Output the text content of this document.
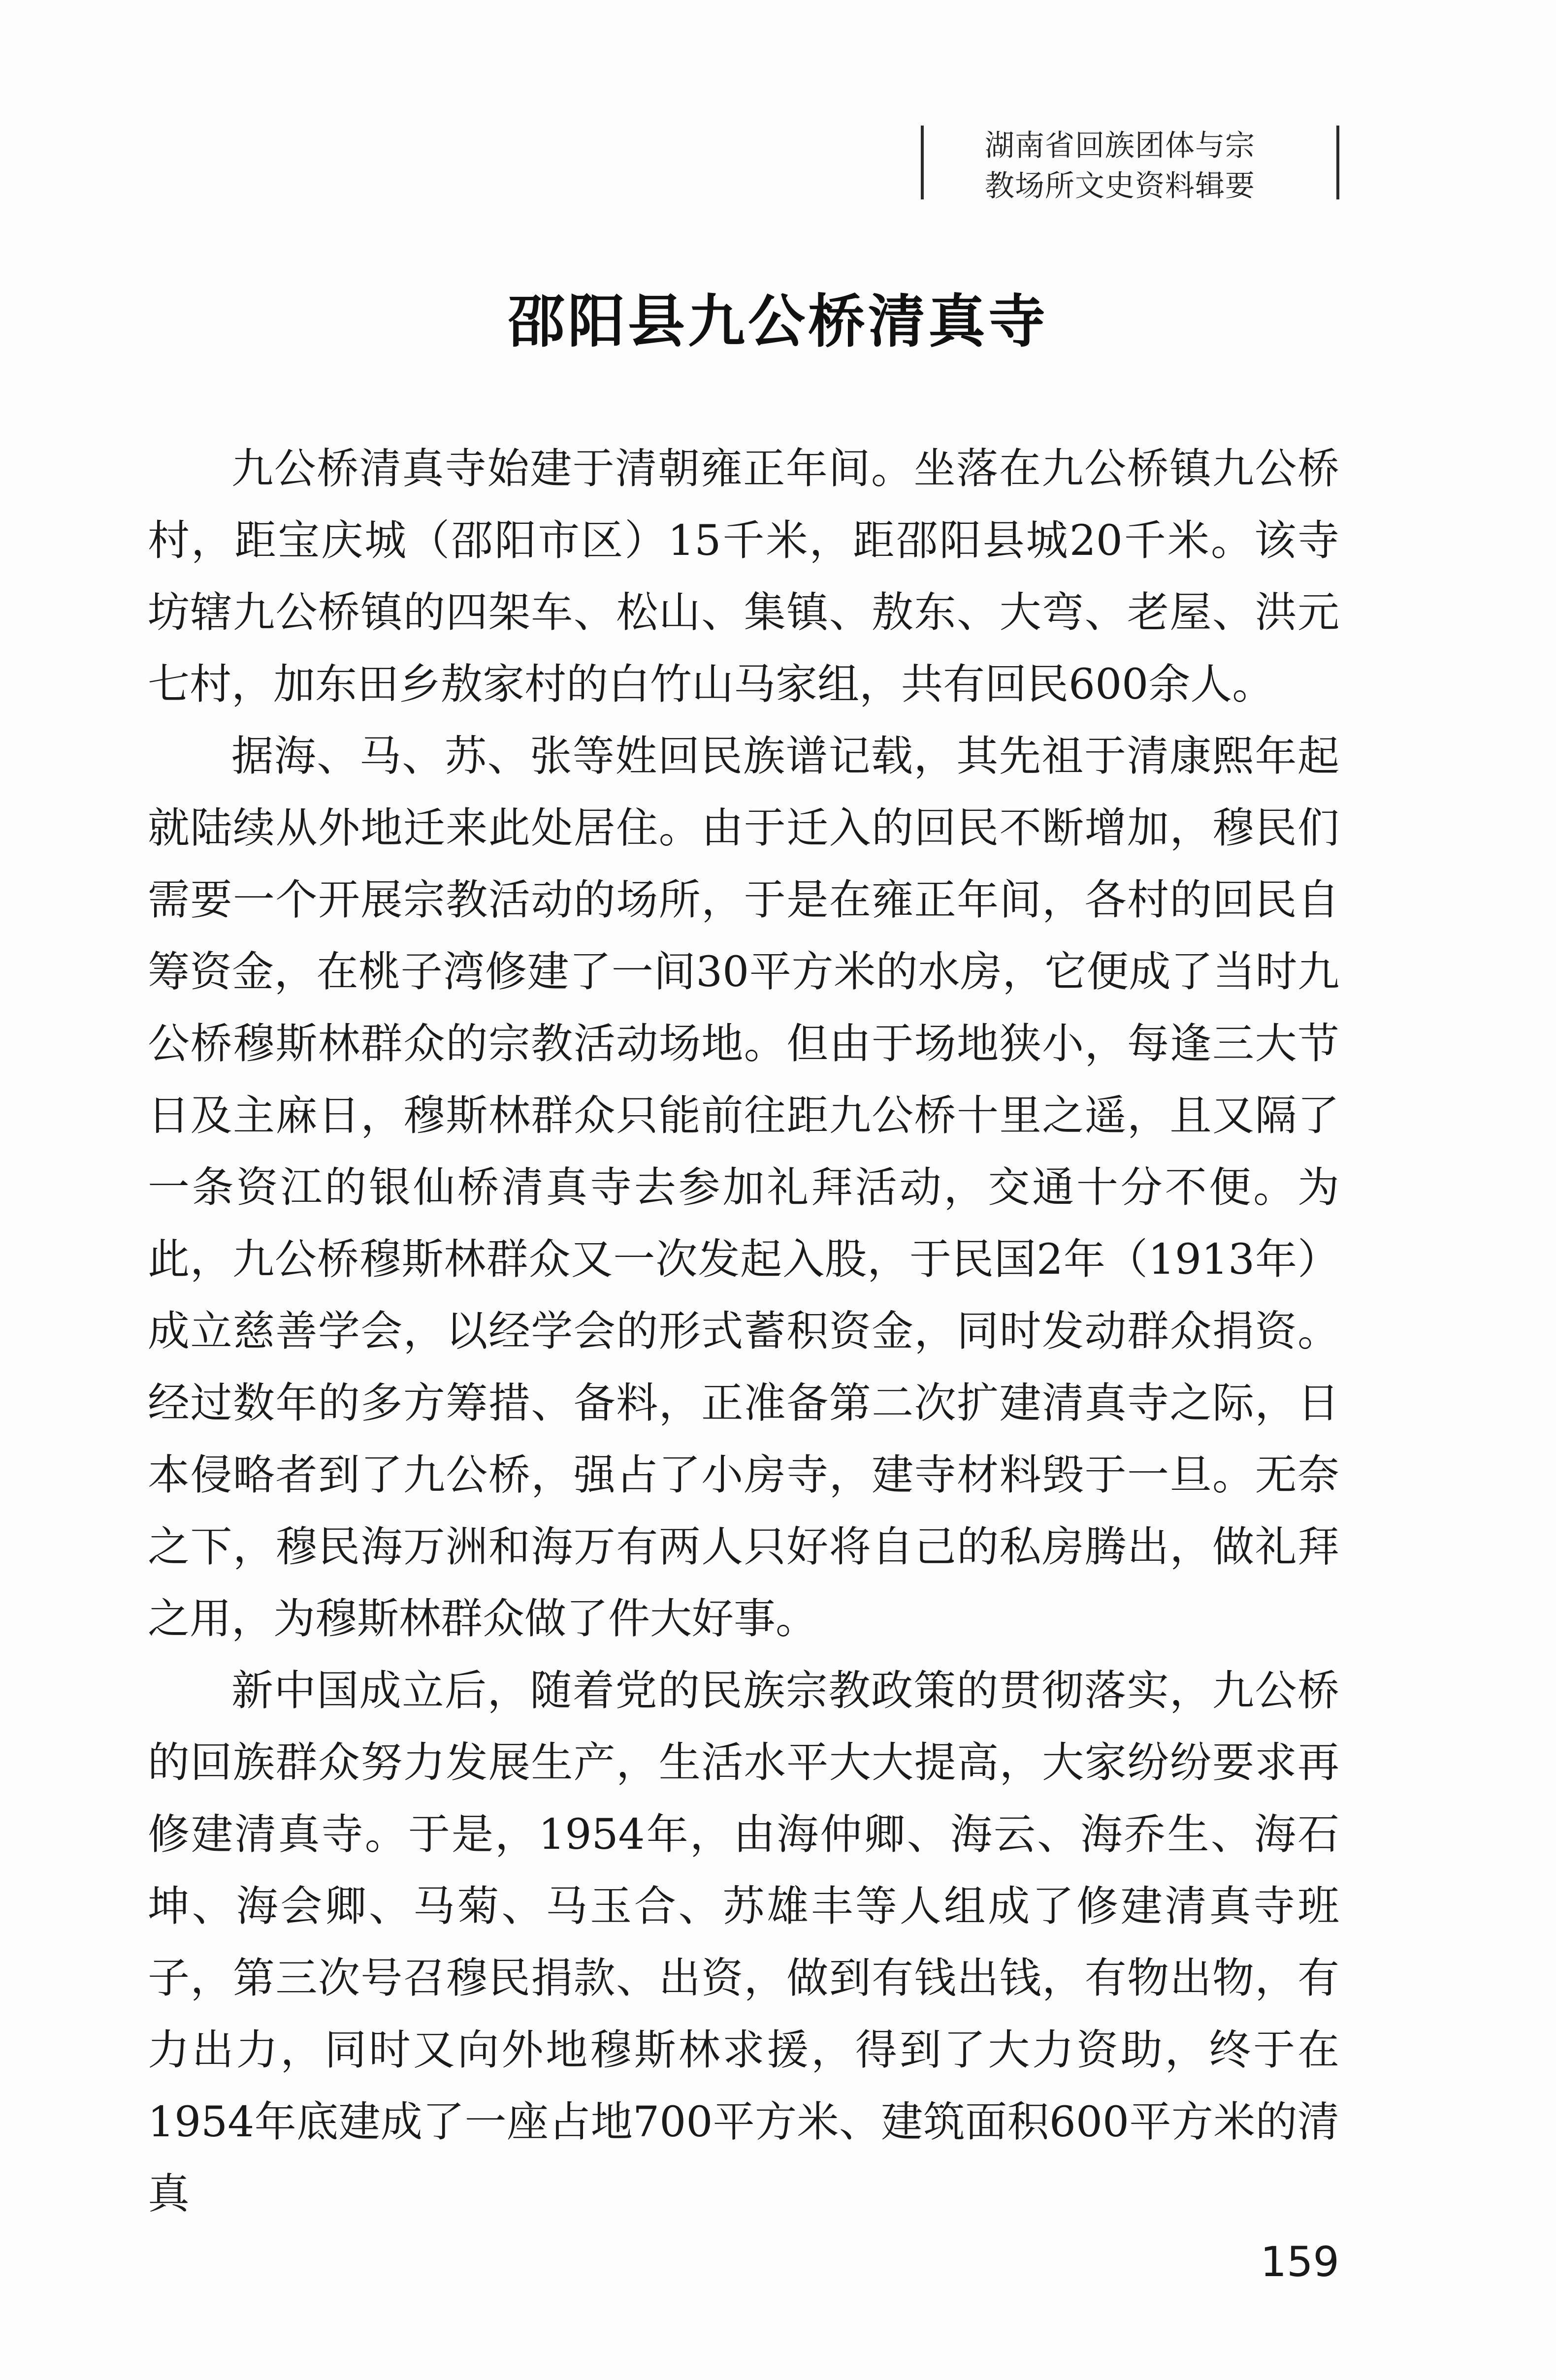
湖南省回族团体与宗
教场所文史资料辑要
邵阳县九公桥清真寺

九公桥清真寺始建于清朝雍正年间。坐落在九公桥镇九公桥村，距宝庆城（邵阳市区）15千米，距邵阳县城20千米。该寺坊辖九公桥镇的四架车、松山、集镇、敖东、大弯、老屋、洪元七村，加东田乡敖家村的白竹山马家组，共有回民600余人。

据海、马、苏、张等姓回民族谱记载，其先祖于清康熙年起就陆续从外地迁来此处居住。由于迁入的回民不断增加，穆民们需要一个开展宗教活动的场所，于是在雍正年间，各村的回民自筹资金，在桃子湾修建了一间30平方米的水房，它便成了当时九公桥穆斯林群众的宗教活动场地。但由于场地狭小，每逢三大节日及主麻日，穆斯林群众只能前往距九公桥十里之遥，且又隔了一条资江的银仙桥清真寺去参加礼拜活动，交通十分不便。为此，九公桥穆斯林群众又一次发起入股，于民国2年（1913年）成立慈善学会，以经学会的形式蓄积资金，同时发动群众捐资。经过数年的多方筹措、备料，正准备第二次扩建清真寺之际，日本侵略者到了九公桥，强占了小房寺，建寺材料毁于一旦。无奈之下，穆民海万洲和海万有两人只好将自己的私房腾出，做礼拜之用，为穆斯林群众做了件大好事。

新中国成立后，随着党的民族宗教政策的贯彻落实，九公桥的回族群众努力发展生产，生活水平大大提高，大家纷纷要求再修建清真寺。于是，1954年，由海仲卿、海云、海乔生、海石坤、海会卿、马菊、马玉合、苏雄丰等人组成了修建清真寺班子，第三次号召穆民捐款、出资，做到有钱出钱，有物出物，有力出力，同时又向外地穆斯林求援，得到了大力资助，终于在1954年底建成了一座占地700平方米、建筑面积600平方米的清真

159
